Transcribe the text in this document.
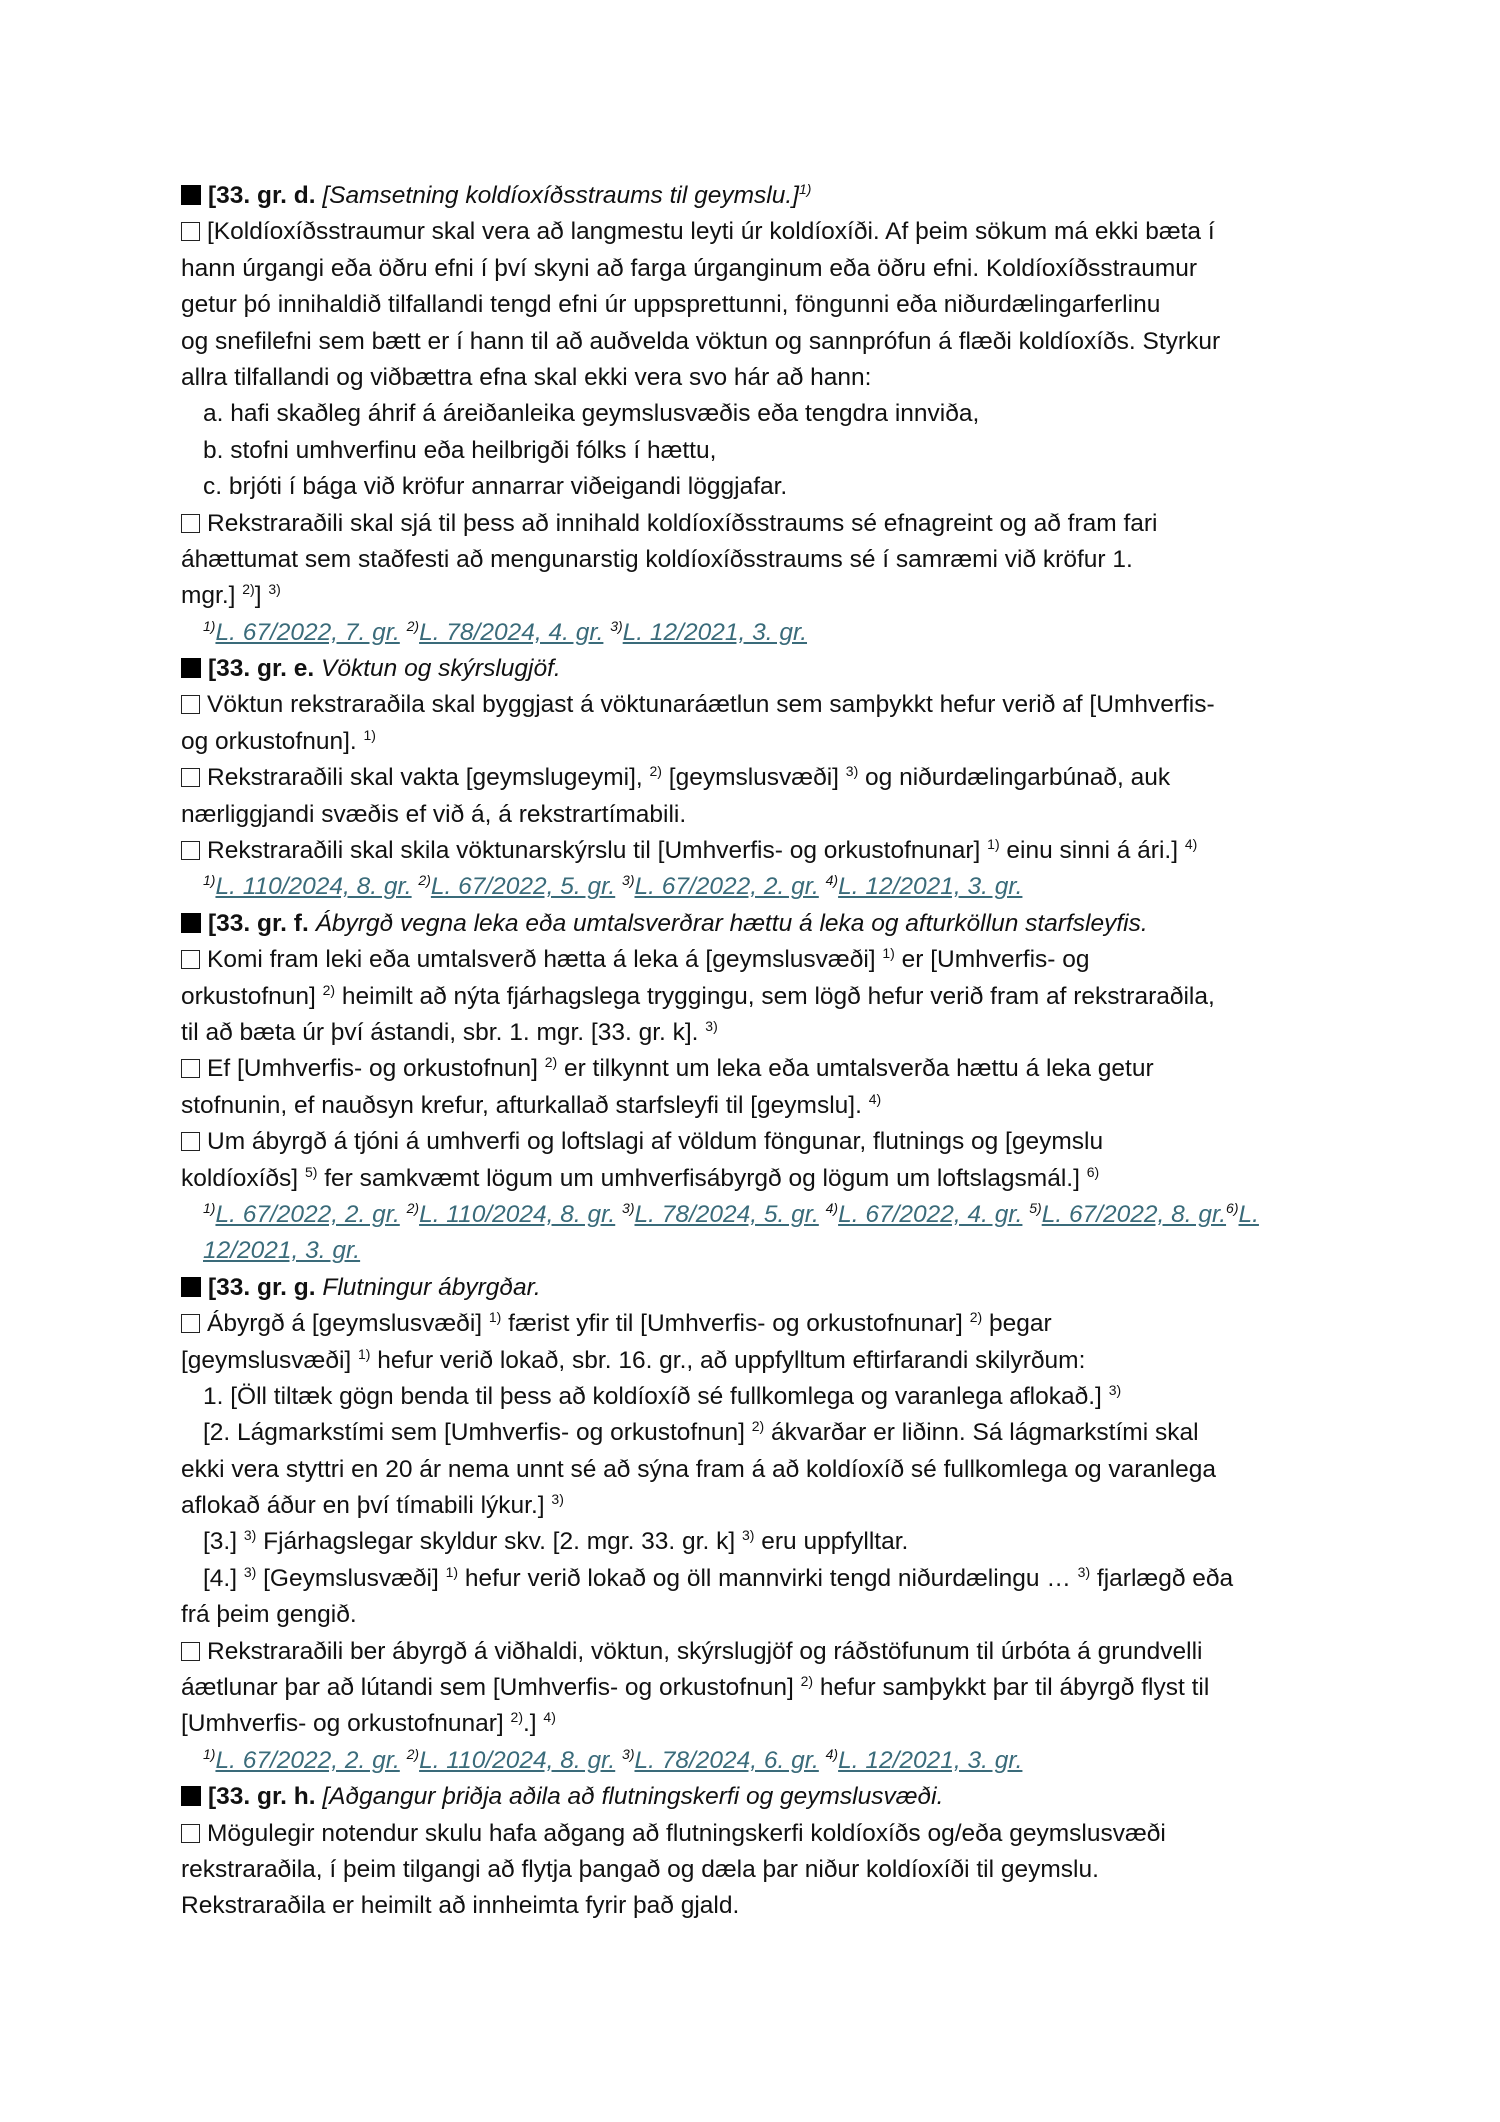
[33. gr. d. [Samsetning koldíoxíðsstraums til geymslu.]$^{1)}$
[Koldíoxíðsstraumur skal vera að langmestu leyti úr koldíoxíði. Af þeim sökum má ekki bæta í
hann úrgangi eða öðru efni í því skyni að farga úrganginum eða öðru efni. Koldíoxíðsstraumur
getur þó innihaldið tilfallandi tengd efni úr uppsprettunni, föngunni eða niðurdælingarferlinu
og snefilefni sem bætt er í hann til að auðvelda vöktun og sannprófun á flæði koldíoxíðs. Styrkur
allra tilfallandi og viðbættra efna skal ekki vera svo hár að hann:
a. hafi skaðleg áhrif á áreiðanleika geymslusvæðis eða tengdra innviða,
b. stofni umhverfinu eða heilbrigði fólks í hættu,
c. brjóti í bága við kröfur annarrar viðeigandi löggjafar.
Rekstraraðili skal sjá til þess að innihald koldíoxíðsstraums sé efnagreint og að fram fari
áhættumat sem staðfesti að mengunarstig koldíoxíðsstraums sé í samræmi við kröfur 1.
mgr.] $^{2)}$] $^{3)}$
$^{1)}$L. 67/2022, 7. gr. $^{2)}$L. 78/2024, 4. gr. $^{3)}$L. 12/2021, 3. gr.
[33. gr. e. Vöktun og skýrslugjöf.
Vöktun rekstraraðila skal byggjast á vöktunaráætlun sem samþykkt hefur verið af [Umhverfis-
og orkustofnun]. $^{1)}$
Rekstraraðili skal vakta [geymslugeymi], $^{2)}$ [geymslusvæði] $^{3)}$ og niðurdælingarbúnað, auk
nærliggjandi svæðis ef við á, á rekstrartímabili.
Rekstraraðili skal skila vöktunarskýrslu til [Umhverfis- og orkustofnunar] $^{1)}$ einu sinni á ári.] $^{4)}$
$^{1)}$L. 110/2024, 8. gr. $^{2)}$L. 67/2022, 5. gr. $^{3)}$L. 67/2022, 2. gr. $^{4)}$L. 12/2021, 3. gr.
[33. gr. f. Ábyrgð vegna leka eða umtalsverðrar hættu á leka og afturköllun starfsleyfis.
Komi fram leki eða umtalsverð hætta á leka á [geymslusvæði] $^{1)}$ er [Umhverfis- og
orkustofnun] $^{2)}$ heimilt að nýta fjárhagslega tryggingu, sem lögð hefur verið fram af rekstraraðila,
til að bæta úr því ástandi, sbr. 1. mgr. [33. gr. k]. $^{3)}$
Ef [Umhverfis- og orkustofnun] $^{2)}$ er tilkynnt um leka eða umtalsverða hættu á leka getur
stofnunin, ef nauðsyn krefur, afturkallað starfsleyfi til [geymslu]. $^{4)}$
Um ábyrgð á tjóni á umhverfi og loftslagi af völdum föngunar, flutnings og [geymslu
koldíoxíðs] $^{5)}$ fer samkvæmt lögum um umhverfisábyrgð og lögum um loftslagsmál.] $^{6)}$
$^{1)}$L. 67/2022, 2. gr. $^{2)}$L. 110/2024, 8. gr. $^{3)}$L. 78/2024, 5. gr. $^{4)}$L. 67/2022, 4. gr. $^{5)}$L. 67/2022, 8. gr.$^{6)}$L. 12/2021, 3. gr.
[33. gr. g. Flutningur ábyrgðar.
Ábyrgð á [geymslusvæði] $^{1)}$ færist yfir til [Umhverfis- og orkustofnunar] $^{2)}$ þegar
[geymslusvæði] $^{1)}$ hefur verið lokað, sbr. 16. gr., að uppfylltum eftirfarandi skilyrðum:
1. [Öll tiltæk gögn benda til þess að koldíoxíð sé fullkomlega og varanlega aflokað.] $^{3)}$
[2. Lágmarkstími sem [Umhverfis- og orkustofnun] $^{2)}$ ákvarðar er liðinn. Sá lágmarkstími skal
ekki vera styttri en 20 ár nema unnt sé að sýna fram á að koldíoxíð sé fullkomlega og varanlega
aflokað áður en því tímabili lýkur.] $^{3)}$
[3.] $^{3)}$ Fjárhagslegar skyldur skv. [2. mgr. 33. gr. k] $^{3)}$ eru uppfylltar.
[4.] $^{3)}$ [Geymslusvæði] $^{1)}$ hefur verið lokað og öll mannvirki tengd niðurdælingu … $^{3)}$ fjarlægð eða
frá þeim gengið.
Rekstraraðili ber ábyrgð á viðhaldi, vöktun, skýrslugjöf og ráðstöfunum til úrbóta á grundvelli
áætlunar þar að lútandi sem [Umhverfis- og orkustofnun] $^{2)}$ hefur samþykkt þar til ábyrgð flyst til
[Umhverfis- og orkustofnunar] $^{2)}$.] $^{4)}$
$^{1)}$L. 67/2022, 2. gr. $^{2)}$L. 110/2024, 8. gr. $^{3)}$L. 78/2024, 6. gr. $^{4)}$L. 12/2021, 3. gr.
[33. gr. h. [Aðgangur þriðja aðila að flutningskerfi og geymslusvæði.
Mögulegir notendur skulu hafa aðgang að flutningskerfi koldíoxíðs og/eða geymslusvæði
rekstraraðila, í þeim tilgangi að flytja þangað og dæla þar niður koldíoxíði til geymslu.
Rekstraraðila er heimilt að innheimta fyrir það gjald.
